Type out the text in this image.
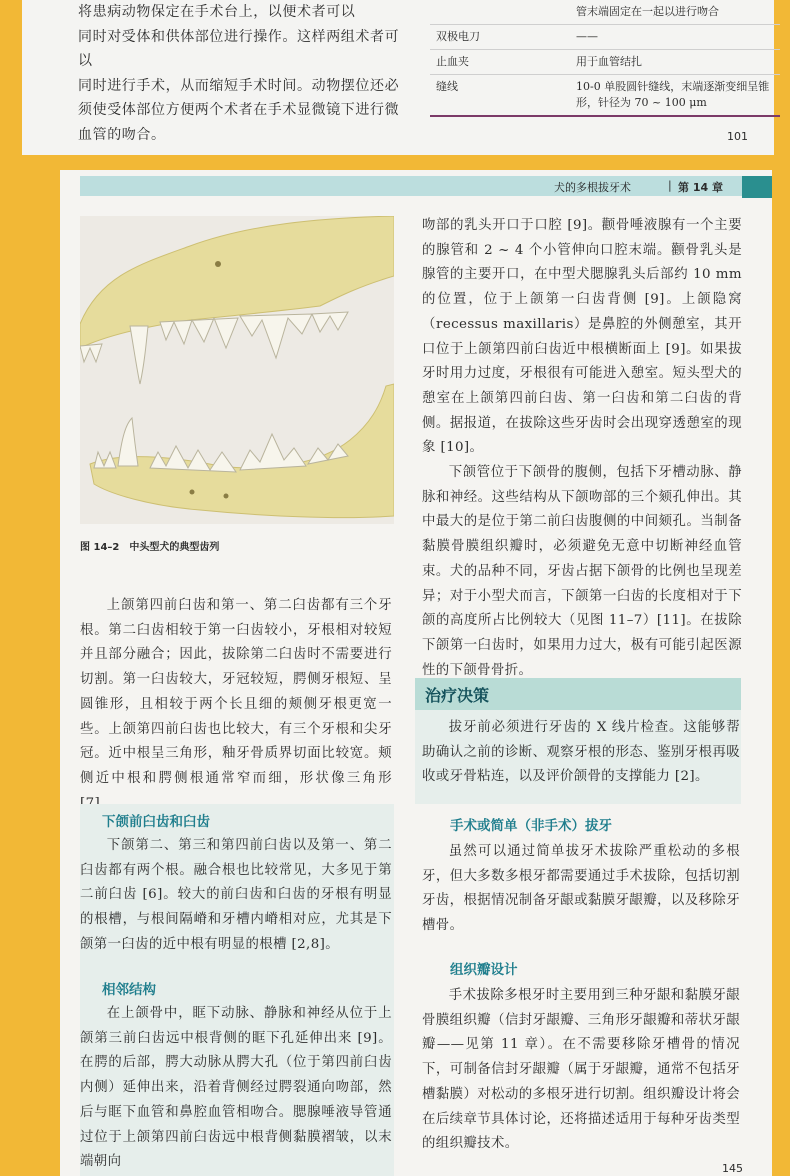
将患病动物保定在手术台上，以便术者可以

同时对受体和供体部位进行操作。这样两组术者可以

同时进行手术，从而缩短手术时间。动物摆位还必

须使受体部位方便两个术者在手术显微镜下进行微

血管的吻合。

管末端固定在一起以进行吻合
双极电刀	——
止血夹	用于血管结扎
缝线	10-0 单股圆针缝线，末端逐渐变细呈锥形，针径为 70 ~ 100 μm
101
犬的多根拔牙术	| 第 14 章
图 14–2　中头型犬的典型齿列

上颌第四前臼齿和第一、第二臼齿都有三个牙根。第二臼齿相较于第一臼齿较小，牙根相对较短并且部分融合；因此，拔除第二臼齿时不需要进行切割。第一臼齿较大，牙冠较短，腭侧牙根短、呈圆锥形，且相较于两个长且细的颊侧牙根更宽一些。上颌第四前臼齿也比较大，有三个牙根和尖牙冠。近中根呈三角形，釉牙骨质界切面比较宽。颊侧近中根和腭侧根通常窄而细，形状像三角形

下颌前臼齿和臼齿

下颌第二、第三和第四前臼齿以及第一、第二臼齿都有两个根。融合根也比较常见，大多见于第二前臼齿 [6]。较大的前臼齿和臼齿的牙根有明显的根槽，与根间隔嵴和牙槽内嵴相对应，尤其是下颌第一臼齿的近中根有明显的根槽 [2,8]。

相邻结构

在上颌骨中，眶下动脉、静脉和神经从位于上颌第三前臼齿远中根背侧的眶下孔延伸出来 [9]。在腭的后部，腭大动脉从腭大孔（位于第四前臼齿内侧）延伸出来，沿着背侧经过腭裂通向吻部，然后与眶下血管和鼻腔血管相吻合。腮腺唾液导管通过位于上颌第四前臼齿远中根背侧黏膜褶皱，以末端朝向

吻部的乳头开口于口腔 [9]。颧骨唾液腺有一个主要的腺管和 2 ~ 4 个小管伸向口腔末端。颧骨乳头是腺管的主要开口，在中型犬腮腺乳头后部约 10 mm 的位置，位于上颌第一臼齿背侧 [9]。上颌隐窝（recessus maxillaris）是鼻腔的外侧憩室，其开口位于上颌第四前臼齿近中根横断面上 [9]。如果拔牙时用力过度，牙根很有可能进入憩室。短头型犬的憩室在上颌第四前臼齿、第一臼齿和第二臼齿的背侧。据报道，在拔除这些牙齿时会出现穿透憩室的现象 [10]。

下颌管位于下颌骨的腹侧，包括下牙槽动脉、静脉和神经。这些结构从下颌吻部的三个颏孔伸出。其中最大的是位于第二前臼齿腹侧的中间颏孔。当制备黏膜骨膜组织瓣时，必须避免无意中切断神经血管束。犬的品种不同，牙齿占据下颌骨的比例也呈现差异；对于小型犬而言，下颌第一臼齿的长度相对于下颌的高度所占比例较大（见图 11–7）[11]。在拔除下颌第一臼齿时，如果用力过大，极有可能引起医源性的下颌骨骨折。

治疗决策

拔牙前必须进行牙齿的 X 线片检查。这能够帮助确认之前的诊断、观察牙根的形态、鉴别牙根再吸收或牙骨粘连，以及评价颌骨的支撑能力 [2]。

手术或简单（非手术）拔牙

虽然可以通过简单拔牙术拔除严重松动的多根牙，但大多数多根牙都需要通过手术拔除，包括切割牙齿，根据情况制备牙龈或黏膜牙龈瓣，以及移除牙槽骨。

组织瓣设计

手术拔除多根牙时主要用到三种牙龈和黏膜牙龈骨膜组织瓣（信封牙龈瓣、三角形牙龈瓣和蒂状牙龈瓣——见第 11 章）。在不需要移除牙槽骨的情况下，可制备信封牙龈瓣（属于牙龈瓣，通常不包括牙槽黏膜）对松动的多根牙进行切割。组织瓣设计将会在后续章节具体讨论，还将描述适用于每种牙齿类型的组织瓣技术。

145
